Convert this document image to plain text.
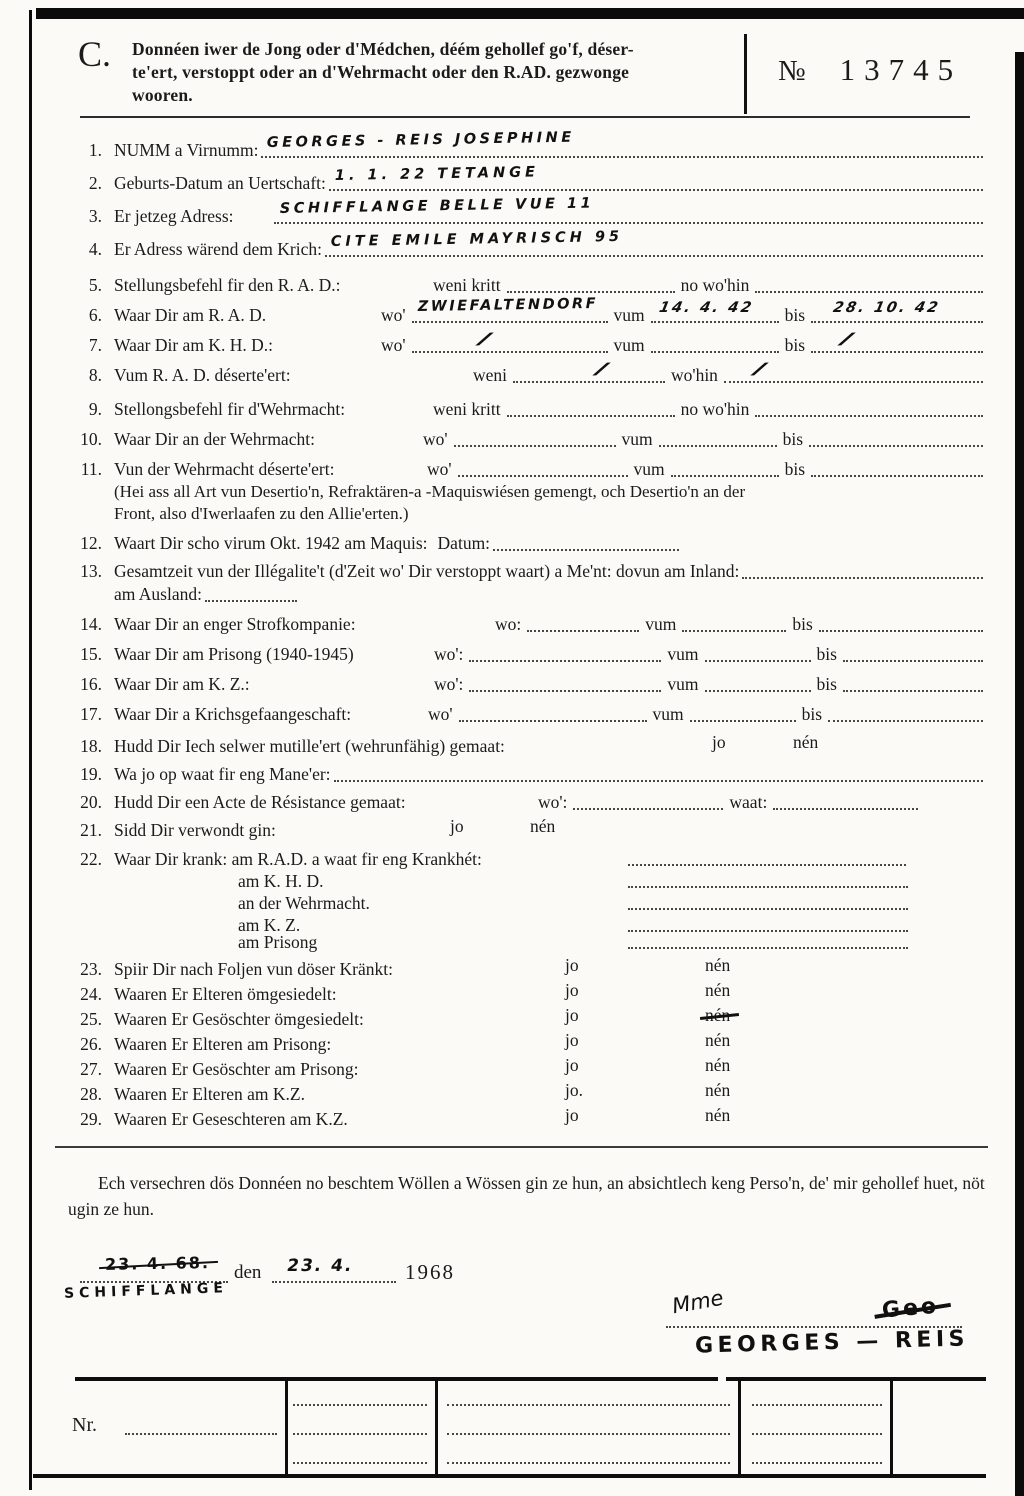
C. Donnéen iwer de Jong oder d'Médchen, déém gehollef go'f, déser-
te'ert, verstoppt oder an d'Wehrmacht oder den R.AD. gezwonge
wooren.
№ 13745
1. NUMM a Virnumm: GEORGES - REIS JOSEPHINE
2. Geburts-Datum an Uertschaft: 1. 1. 22 TETANGE
3. Er jetzeg Adress:	SCHIFFLANGE BELLE VUE 11
4. Er Adress wärend dem Krich: CITE EMILE MAYRISCH 95
5. Stellungsbefehl fir den R. A. D.:	weni kritt	no wo'hin
6. Waar Dir am R. A. D.	wo' ZWIEFALTENDORF vum 14. 4. 42 bis 28. 10. 42
7. Waar Dir am K. H. D.:	wo'	∕	vum	bis ∕
8. Vum R. A. D. déserte'ert:	weni	∕	wo'hin ∕
9. Stellongsbefehl fir d'Wehrmacht:	weni kritt	no wo'hin
10. Waar Dir an der Wehrmacht:	wo'	vum	bis
11. Vun der Wehrmacht déserte'ert:	wo'	vum	bis
(Hei ass all Art vun Desertio'n, Refraktären-a -Maquiswiésen gemengt, och Desertio'n an der
Front, also d'Iwerlaafen zu den Allie'erten.)
12. Waart Dir scho virum Okt. 1942 am Maquis: Datum:
13. Gesamtzeit vun der Illégalite't (d'Zeit wo' Dir verstoppt waart) a Me'nt: dovun am Inland:
am Ausland:
14. Waar Dir an enger Strofkompanie:	wo:	vum	bis
15. Waar Dir am Prisong (1940-1945)	wo':	vum	bis
16. Waar Dir am K. Z.:	wo':	vum	bis
17. Waar Dir a Krichsgefaangeschaft:	wo'	vum	bis
18. Hudd Dir Iech selwer mutille'ert (wehrunfähig) gemaat:	jo	nén
19. Wa jo op waat fir eng Mane'er:
20. Hudd Dir een Acte de Résistance gemaat:	wo':	waat:
21. Sidd Dir verwondt gin:	jo	nén
22. Waar Dir krank: am R.A.D. a waat fir eng Krankhét:
am K. H. D.
an der Wehrmacht.
am K. Z.
am Prisong
23. Spiir Dir nach Foljen vun döser Kränkt:	jo	nén
24. Waaren Er Elteren ömgesiedelt:	jo	nén
25. Waaren Er Gesöschter ömgesiedelt:	jo	nén
26. Waaren Er Elteren am Prisong:	jo	nén
27. Waaren Er Gesöschter am Prisong:	jo	nén
28. Waaren Er Elteren am K.Z.	jo.	nén
29. Waaren Er Geseschteren am K.Z.	jo	nén

Ech versechren dös Donnéen no beschtem Wöllen a Wössen gin ze hun, an absichtlech keng Perso'n, de' mir gehollef huet, nöt ugin ze hun.

23. 4. 68.
SCHIFFLANGE
den 23. 4. 1968
Mme	Geo
GEORGES — REIS
Nr.
